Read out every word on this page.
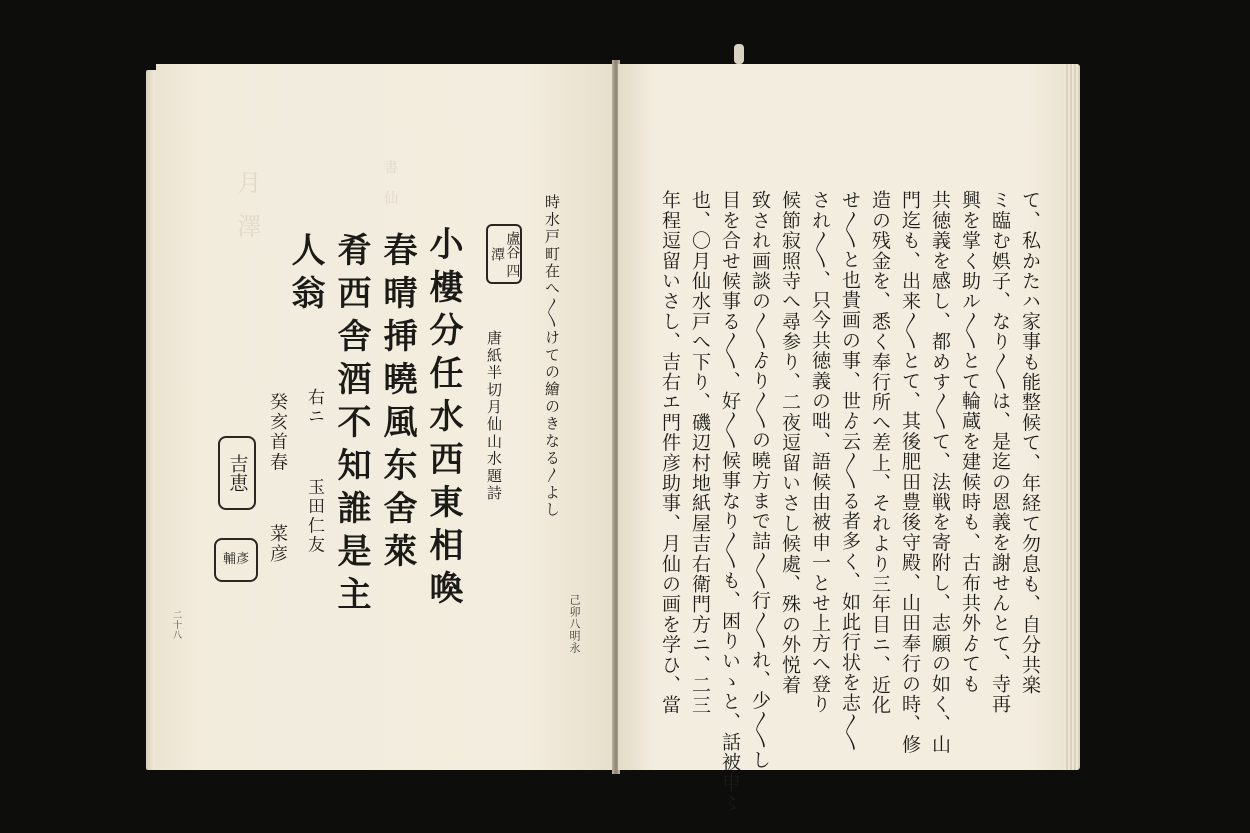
月 澤	書 仙
時水戸町在へ〳〵けての繪のきなる〳よし
己卯八明永
唐紙半切月仙山水題詩
盧谷 四潭
小樓分任水西東相喚
春晴挿曉風东舍萊
肴西舎酒不知誰是主
人翁
右ニ
癸亥首春
玉田仁友
菜彦
吉恵
輔彥
二十八	て、私かたハ家事も能整候て、年経て勿息も、自分共楽
ミ臨む娯子、なり〳〵は、是迄の恩義を謝せんとて、寺再
興を掌く助ル〳〵とて輪蔵を建候時も、古布共外ゟても
共徳義を感し、都めす〳〵て、法戦を寄附し、志願の如く、山
門迄も、出来〳〵とて、其後肥田豊後守殿、山田奉行の時、修
造の残金を、悉く奉行所へ差上、それより三年目ニ、近化
せ〳〵と也貴画の事、世ゟ云〳〵る者多く、如此行状を志〳〵
され〳〵、只今共徳義の咄、語候由被申一とせ上方へ登り
候節寂照寺へ尋参り、二夜逗留いさし候處、殊の外悦着
致され画談の〳〵ゟり〳〵の曉方まで詰〳〵行〳〵れ、少〳〵し
目を合せ候事る〳〵、好〳〵候事なり〳〵も、困りいゝと、話被申〻
也、〇月仙水戸へ下り、磯辺村地紙屋吉右衛門方ニ、二三
年程逗留いさし、吉右エ門件彦助事、月仙の画を学ひ、當
